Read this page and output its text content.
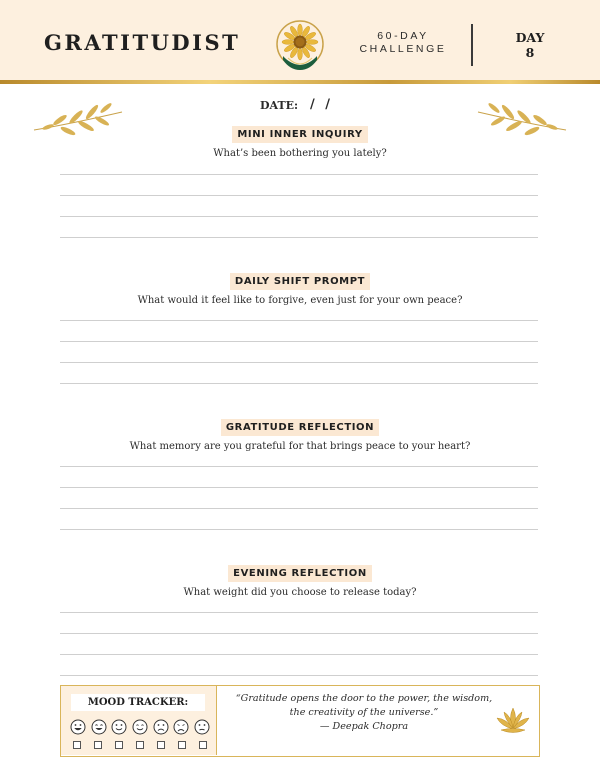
GRATITUDIST	60-DAY
CHALLENGE
DAY
8
DATE: / /
MINI INNER INQUIRY
What’s been bothering you lately?
DAILY SHIFT PROMPT
What would it feel like to forgive, even just for your own peace?
GRATITUDE REFLECTION
What memory are you grateful for that brings peace to your heart?
EVENING REFLECTION
What weight did you choose to release today?
MOOD TRACKER:	“Gratitude opens the door to the power, the wisdom, the creativity of the universe.”
— Deepak Chopra
